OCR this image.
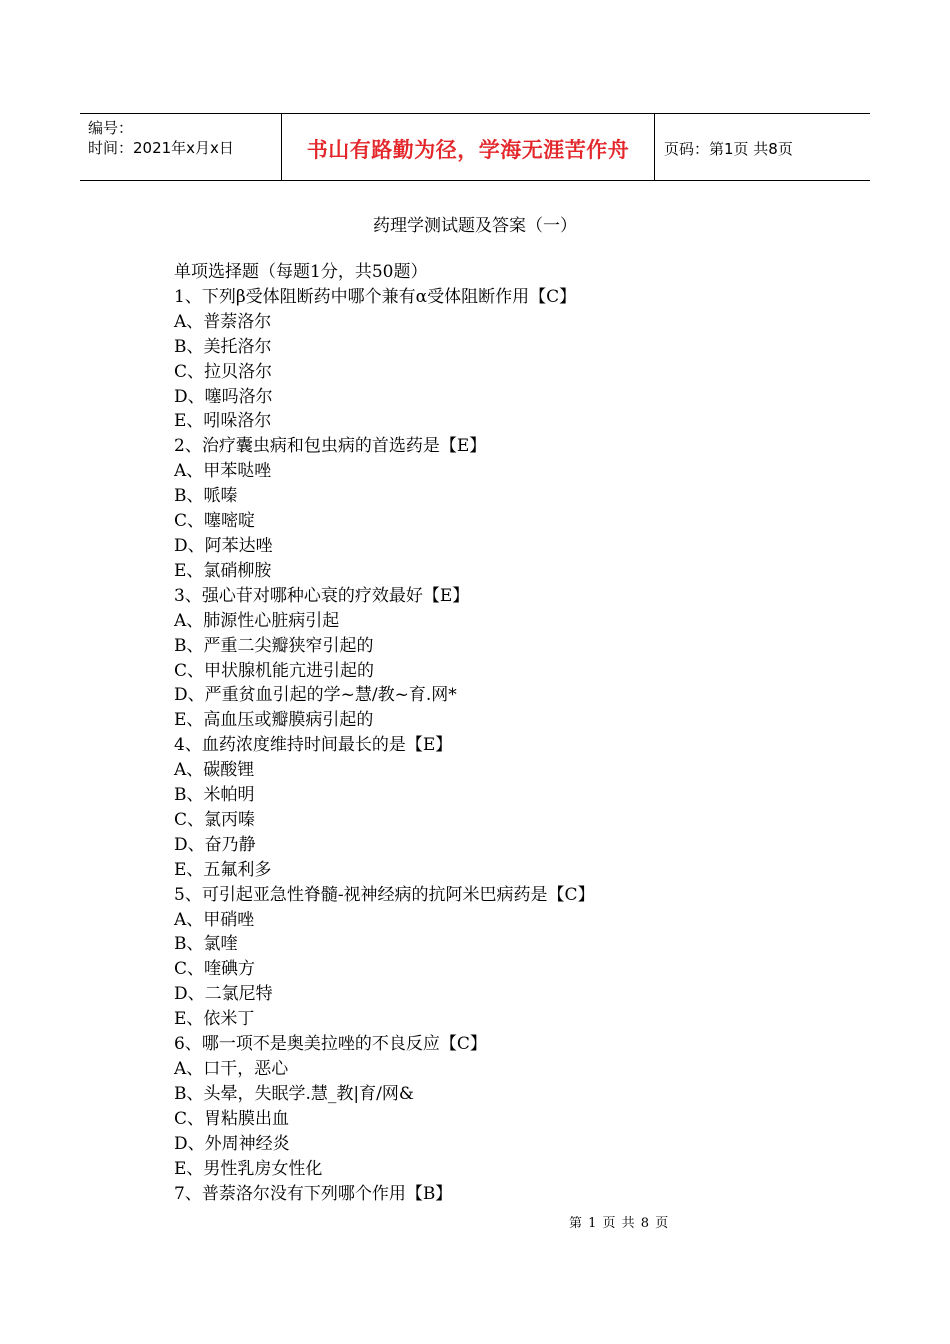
编号：
时间：2021年x月x日	书山有路勤为径，学海无涯苦作舟	页码：第1页 共8页
药理学测试题及答案（一）
单项选择题（每题1分，共50题）
1、下列β受体阻断药中哪个兼有α受体阻断作用【C】
A、普萘洛尔
B、美托洛尔
C、拉贝洛尔
D、噻吗洛尔
E、吲哚洛尔
2、治疗囊虫病和包虫病的首选药是【E】
A、甲苯哒唑
B、哌嗪
C、噻嘧啶
D、阿苯达唑
E、氯硝柳胺
3、强心苷对哪种心衰的疗效最好【E】
A、肺源性心脏病引起
B、严重二尖瓣狭窄引起的
C、甲状腺机能亢进引起的
D、严重贫血引起的学~慧/教~育.网*
E、高血压或瓣膜病引起的
4、血药浓度维持时间最长的是【E】
A、碳酸锂
B、米帕明
C、氯丙嗪
D、奋乃静
E、五氟利多
5、可引起亚急性脊髓-视神经病的抗阿米巴病药是【C】
A、甲硝唑
B、氯喹
C、喹碘方
D、二氯尼特
E、依米丁
6、哪一项不是奥美拉唑的不良反应【C】
A、口干，恶心
B、头晕，失眠学.慧_教|育/网&
C、胃粘膜出血
D、外周神经炎
E、男性乳房女性化
7、普萘洛尔没有下列哪个作用【B】
第 1 页 共 8 页
